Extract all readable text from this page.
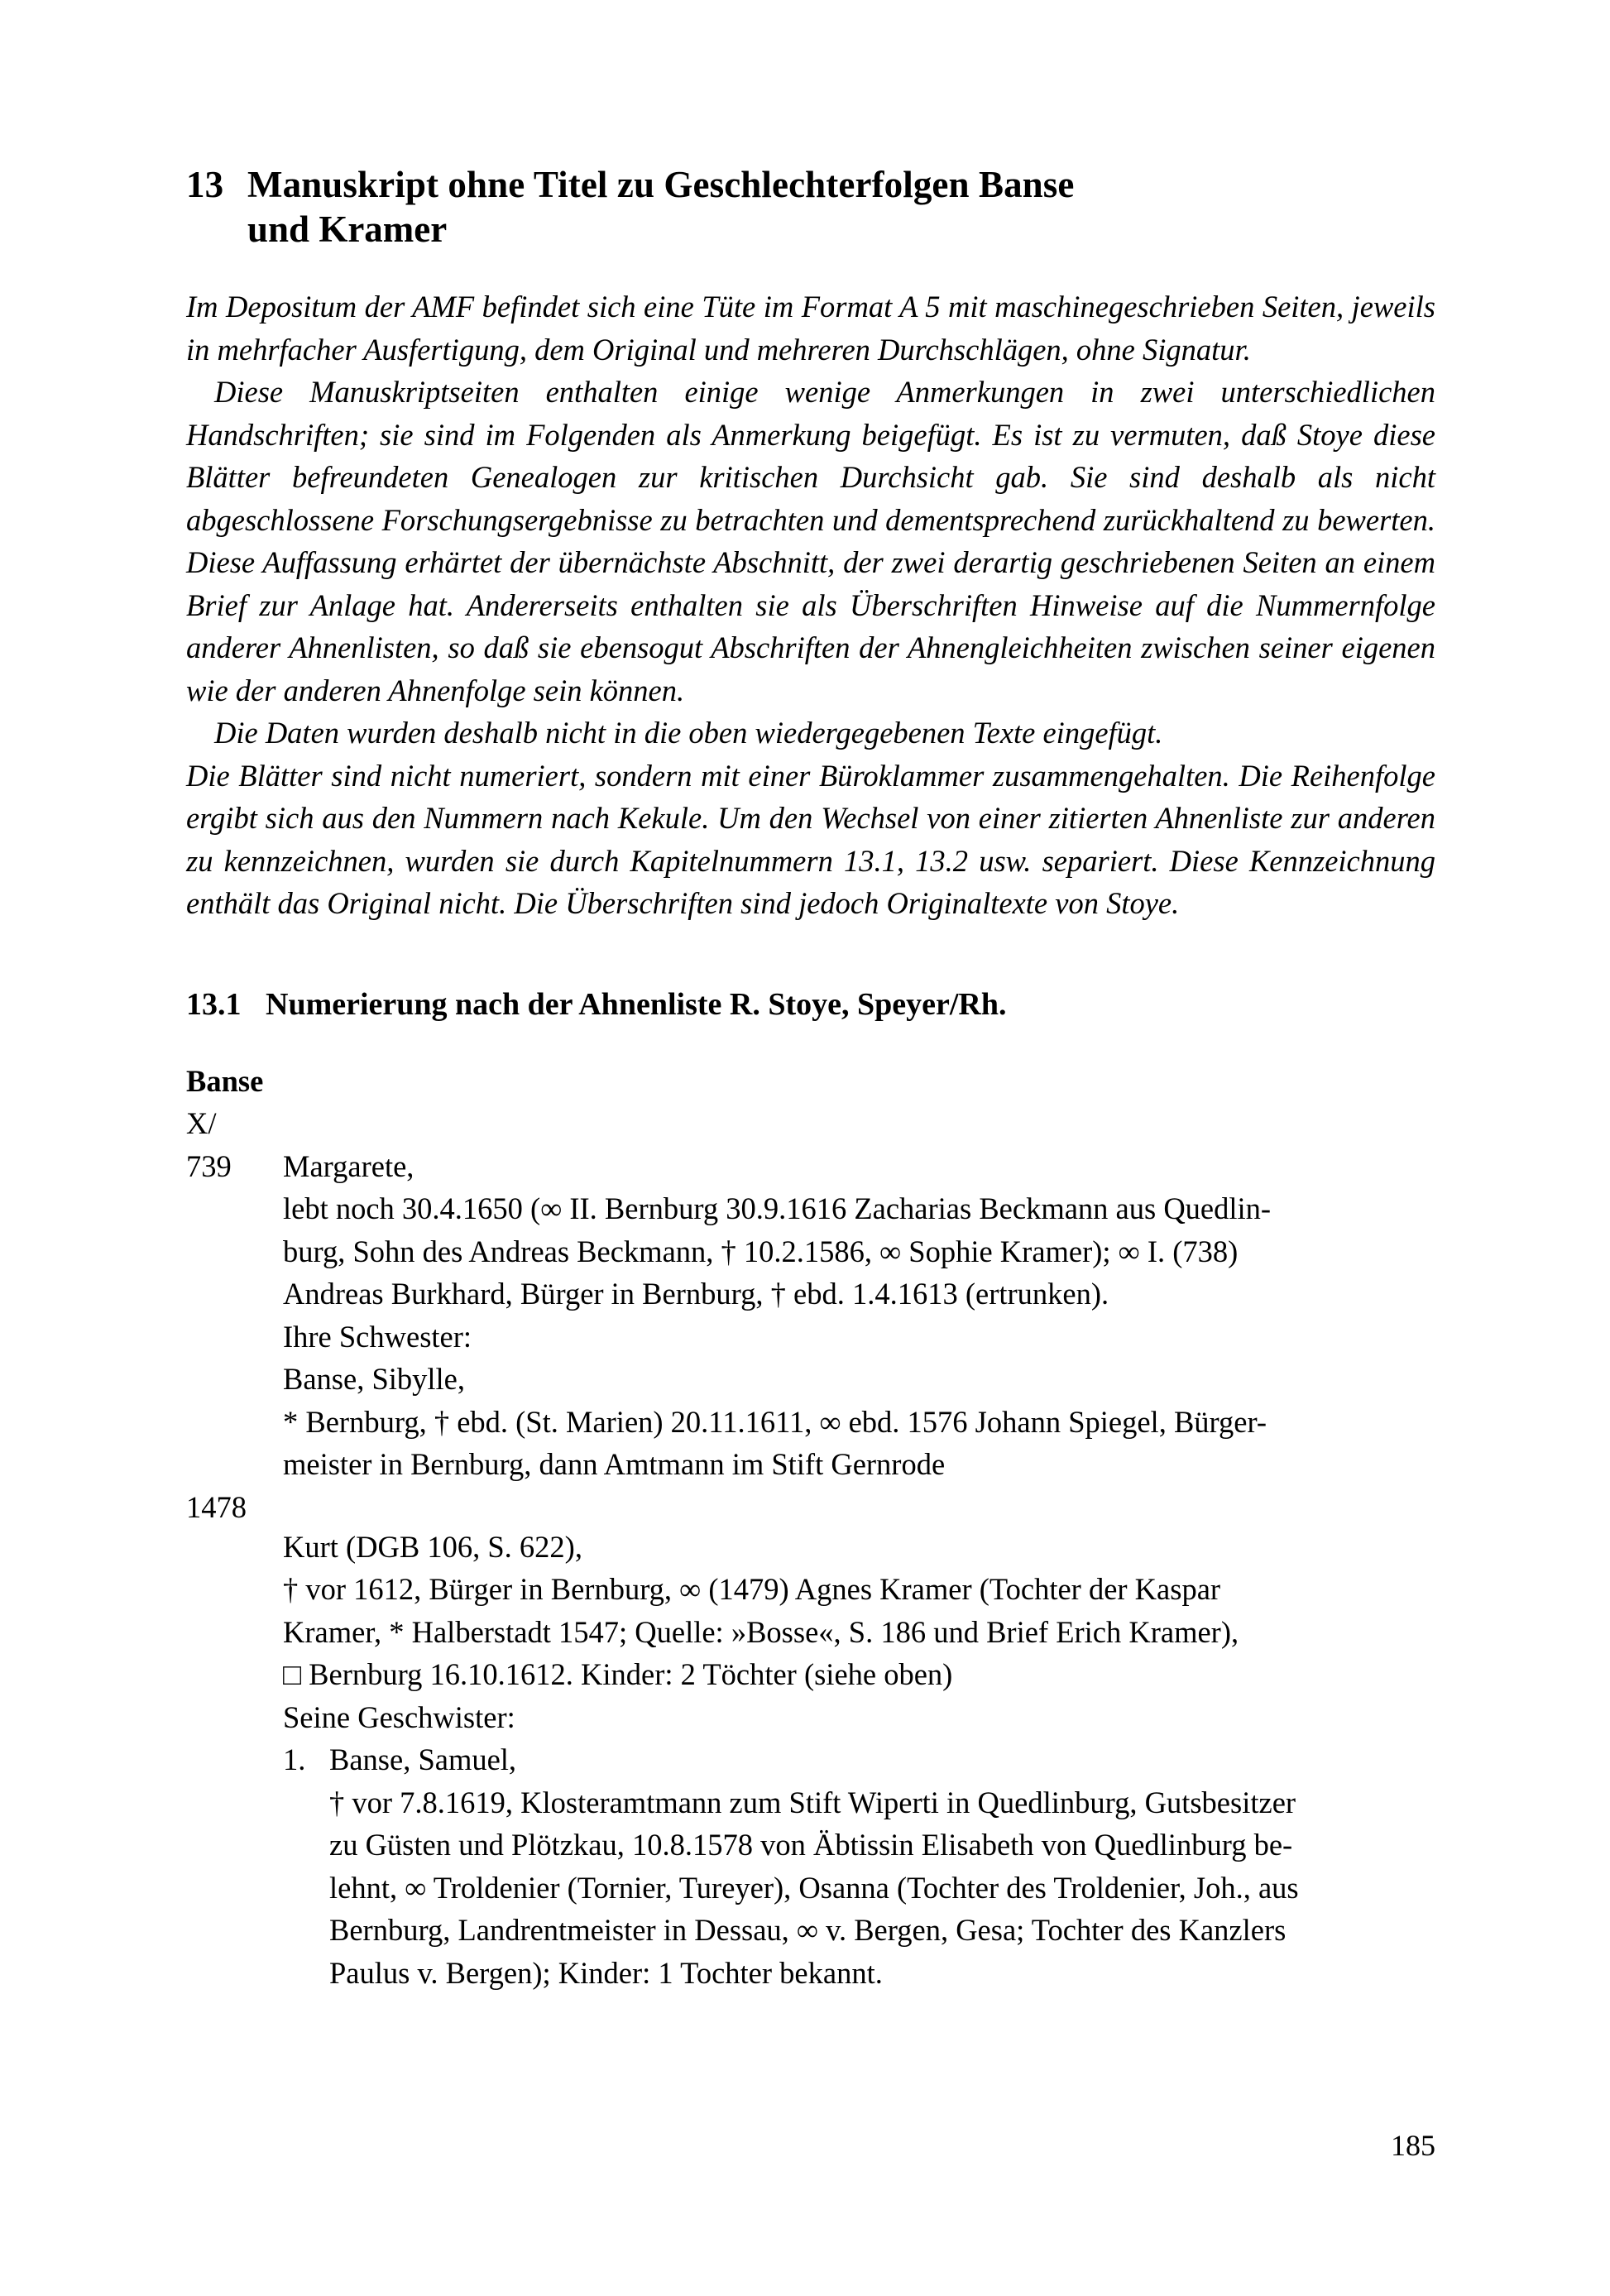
13 Manuskript ohne Titel zu Geschlechterfolgen Banse
und Kramer

Im Depositum der AMF befindet sich eine Tüte im Format A 5 mit maschinegeschrieben Seiten, jeweils in mehrfacher Ausfertigung, dem Original und mehreren Durchschlägen, ohne Signatur.

Diese Manuskriptseiten enthalten einige wenige Anmerkungen in zwei unterschiedlichen Handschriften; sie sind im Folgenden als Anmerkung beigefügt. Es ist zu vermuten, daß Stoye diese Blätter befreundeten Genealogen zur kritischen Durchsicht gab. Sie sind deshalb als nicht abgeschlossene Forschungsergebnisse zu betrachten und dementsprechend zurückhaltend zu bewerten. Diese Auffassung erhärtet der übernächste Abschnitt, der zwei derartig geschriebenen Seiten an einem Brief zur Anlage hat. Andererseits enthalten sie als Überschriften Hinweise auf die Nummernfolge anderer Ahnenlisten, so daß sie ebensogut Abschriften der Ahnengleichheiten zwischen seiner eigenen wie der anderen Ahnenfolge sein können.

Die Daten wurden deshalb nicht in die oben wiedergegebenen Texte eingefügt.

Die Blätter sind nicht numeriert, sondern mit einer Büroklammer zusammengehalten. Die Reihenfolge ergibt sich aus den Nummern nach Kekule. Um den Wechsel von einer zitierten Ahnenliste zur anderen zu kennzeichnen, wurden sie durch Kapitelnummern 13.1, 13.2 usw. separiert. Diese Kennzeichnung enthält das Original nicht. Die Überschriften sind jedoch Originaltexte von Stoye.

13.1 Numerierung nach der Ahnenliste R. Stoye, Speyer/Rh.
Banse
X/
739	Margarete,
lebt noch 30.4.1650 (∞ II. Bernburg 30.9.1616 Zacharias Beckmann aus Quedlin-
burg, Sohn des Andreas Beckmann, † 10.2.1586, ∞ Sophie Kramer); ∞ I. (738)
Andreas Burkhard, Bürger in Bernburg, † ebd. 1.4.1613 (ertrunken).
Ihre Schwester:
Banse, Sibylle,
* Bernburg, † ebd. (St. Marien) 20.11.1611, ∞ ebd. 1576 Johann Spiegel, Bürger-
meister in Bernburg, dann Amtmann im Stift Gernrode
1478
Kurt (DGB 106, S. 622),
† vor 1612, Bürger in Bernburg, ∞ (1479) Agnes Kramer (Tochter der Kaspar
Kramer, * Halberstadt 1547; Quelle: »Bosse«, S. 186 und Brief Erich Kramer),
□ Bernburg 16.10.1612. Kinder: 2 Töchter (siehe oben)
Seine Geschwister:
1. Banse, Samuel,
† vor 7.8.1619, Klosteramtmann zum Stift Wiperti in Quedlinburg, Gutsbesitzer
zu Güsten und Plötzkau, 10.8.1578 von Äbtissin Elisabeth von Quedlinburg be-
lehnt, ∞ Troldenier (Tornier, Tureyer), Osanna (Tochter des Troldenier, Joh., aus
Bernburg, Landrentmeister in Dessau, ∞ v. Bergen, Gesa; Tochter des Kanzlers
Paulus v. Bergen); Kinder: 1 Tochter bekannt.
185
